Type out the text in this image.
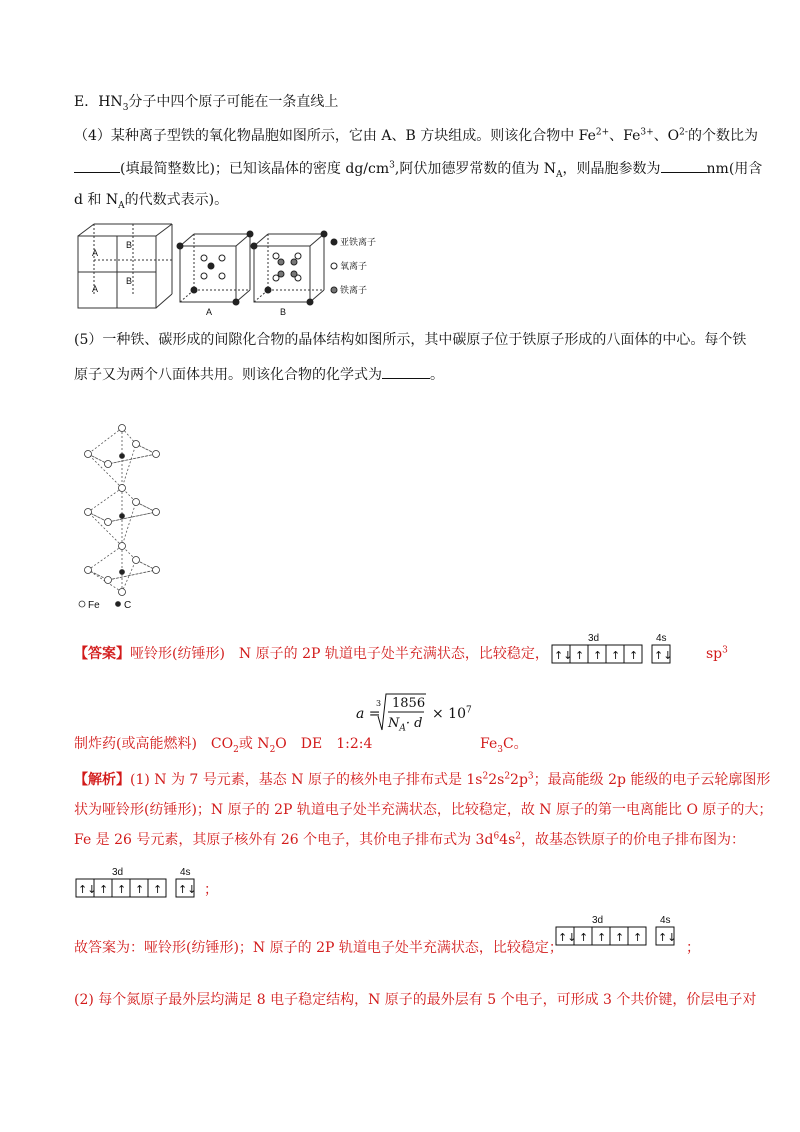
E．$HN_3$分子中四个原子可能在一条直线上
（4）某种离子型铁的氧化物晶胞如图所示，它由 A、B 方块组成。则该化合物中 $Fe^{2+}$、$Fe^{3+}$、$O^{2-}$的个数比为
(填最简整数比)；已知该晶体的密度 $dg/cm^3$,阿伏加德罗常数的值为 $N_A$，则晶胞参数为	nm(用含
d 和 $N_A$的代数式表示)。
A
B
A
B
A	B
亚铁离子
氧离子
铁离子
(5）一种铁、碳形成的间隙化合物的晶体结构如图所示，其中碳原子位于铁原子形成的八面体的中心。每个铁
原子又为两个八面体共用。则该化合物的化学式为	。
Fe C
【答案】哑铃形(纺锤形)　N 原子的 2P 轨道电子处半充满状态，比较稳定，
3d	4s
↑↓ ↑ ↑ ↑ ↑ ↑↓ $sp^3$
a =
3 1856
$N_A\cdot d$
× $10^7$
制炸药(或高能燃料)　$CO_2$或 $N_2O$　DE　1:2:4	$Fe_3C$。
【解析】(1) N 为 7 号元素，基态 N 原子的核外电子排布式是 $1s^22s^22p^3$；最高能级 2p 能级的电子云轮廓图形
状为哑铃形(纺锤形)；N 原子的 2P 轨道电子处半充满状态，比较稳定，故 N 原子的第一电离能比 O 原子的大；
Fe 是 26 号元素，其原子核外有 26 个电子，其价电子排布式为 $3d^64s^2$，故基态铁原子的价电子排布图为：
3d	4s
↑↓ ↑ ↑ ↑ ↑ ↑↓ ；
故答案为：哑铃形(纺锤形)；N 原子的 2P 轨道电子处半充满状态，比较稳定；
3d	4s
↑↓ ↑ ↑ ↑ ↑ ↑↓
；
(2) 每个氮原子最外层均满足 8 电子稳定结构，N 原子的最外层有 5 个电子，可形成 3 个共价键，价层电子对
